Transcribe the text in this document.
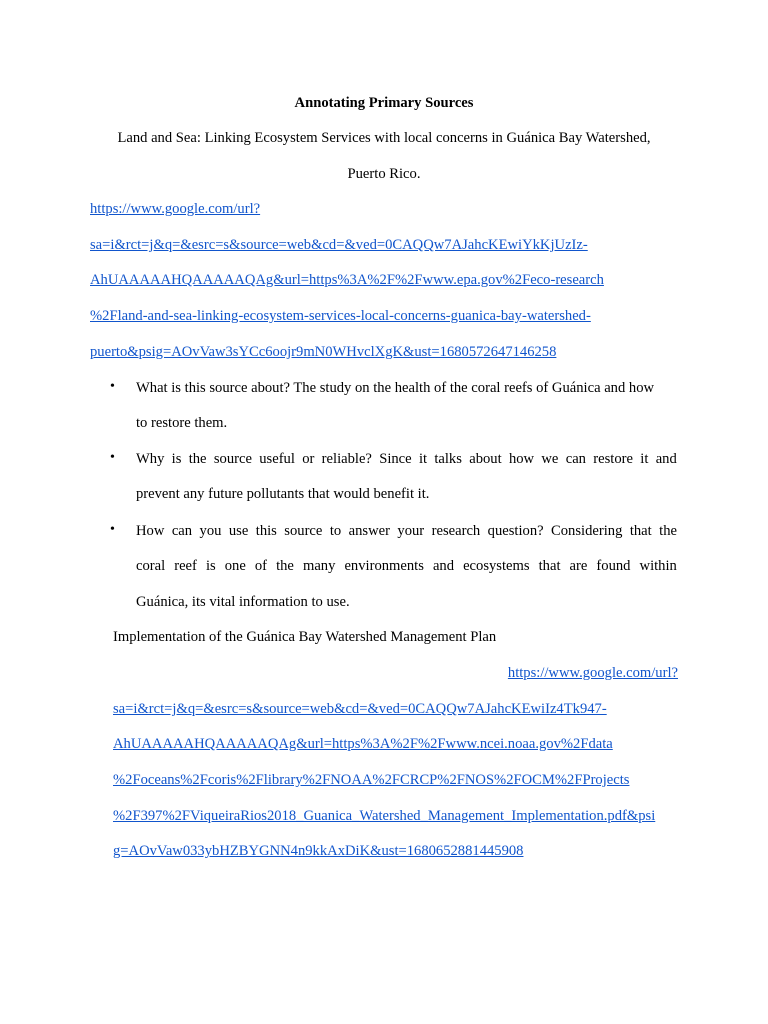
Annotating Primary Sources
Land and Sea: Linking Ecosystem Services with local concerns in Guánica Bay Watershed,
Puerto Rico.
https://www.google.com/url?
sa=i&rct=j&q=&esrc=s&source=web&cd=&ved=0CAQQw7AJahcKEwiYkKjUzIz-
AhUAAAAAHQAAAAAQAg&url=https%3A%2F%2Fwww.epa.gov%2Feco-research
%2Fland-and-sea-linking-ecosystem-services-local-concerns-guanica-bay-watershed-
puerto&psig=AOvVaw3sYCc6oojr9mN0WHvclXgK&ust=1680572647146258
• What is this source about? The study on the health of the coral reefs of Guánica and how
to restore them.
• Why is the source useful or reliable? Since it talks about how we can restore it and
prevent any future pollutants that would benefit it.
• How can you use this source to answer your research question? Considering that the
coral reef is one of the many environments and ecosystems that are found within
Guánica, its vital information to use.
Implementation of the Guánica Bay Watershed Management Plan
https://www.google.com/url?
sa=i&rct=j&q=&esrc=s&source=web&cd=&ved=0CAQQw7AJahcKEwiIz4Tk947-
AhUAAAAAHQAAAAAQAg&url=https%3A%2F%2Fwww.ncei.noaa.gov%2Fdata
%2Foceans%2Fcoris%2Flibrary%2FNOAA%2FCRCP%2FNOS%2FOCM%2FProjects
%2F397%2FViqueiraRios2018_Guanica_Watershed_Management_Implementation.pdf&psi
g=AOvVaw033ybHZBYGNN4n9kkAxDiK&ust=1680652881445908
